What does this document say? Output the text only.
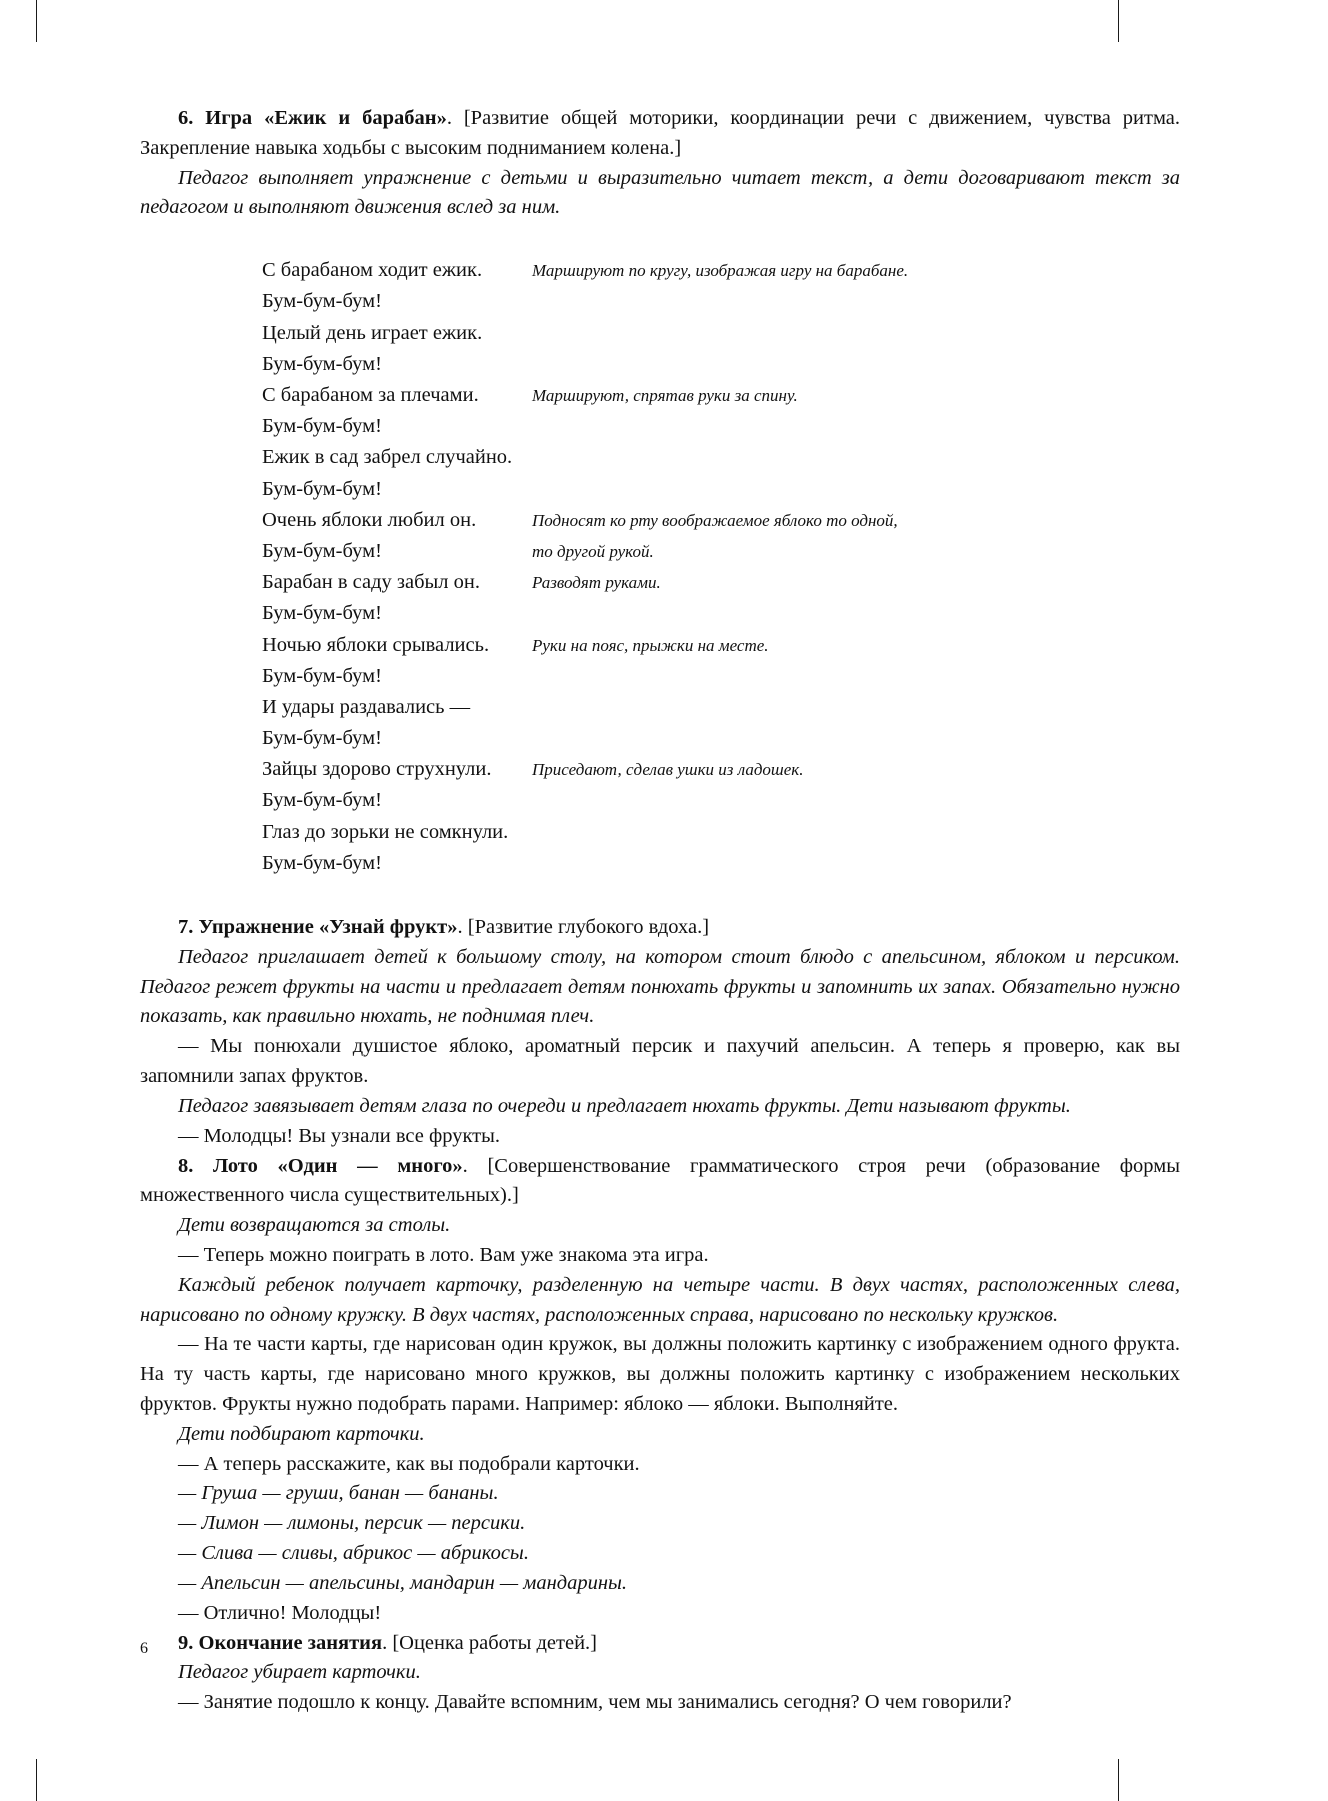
6. Игра «Ежик и барабан». [Развитие общей моторики, координации речи с движением, чувства ритма. Закрепление навыка ходьбы с высоким подниманием колена.]

Педагог выполняет упражнение с детьми и выразительно читает текст, а дети договаривают текст за педагогом и выполняют движения вслед за ним.

С барабаном ходит ежик.	Маршируют по кругу, изображая игру на барабане.
Бум-бум-бум!
Целый день играет ежик.
Бум-бум-бум!
С барабаном за плечами.	Маршируют, спрятав руки за спину.
Бум-бум-бум!
Ежик в сад забрел случайно.
Бум-бум-бум!
Очень яблоки любил он.	Подносят ко рту воображаемое яблоко то одной,
Бум-бум-бум!	то другой рукой.
Барабан в саду забыл он.	Разводят руками.
Бум-бум-бум!
Ночью яблоки срывались.	Руки на пояс, прыжки на месте.
Бум-бум-бум!
И удары раздавались —
Бум-бум-бум!
Зайцы здорово струхнули.	Приседают, сделав ушки из ладошек.
Бум-бум-бум!
Глаз до зорьки не сомкнули.
Бум-бум-бум!

7. Упражнение «Узнай фрукт». [Развитие глубокого вдоха.]

Педагог приглашает детей к большому столу, на котором стоит блюдо с апельсином, яблоком и персиком. Педагог режет фрукты на части и предлагает детям понюхать фрукты и запомнить их запах. Обязательно нужно показать, как правильно нюхать, не поднимая плеч.

— Мы понюхали душистое яблоко, ароматный персик и пахучий апельсин. А теперь я проверю, как вы запомнили запах фруктов.

Педагог завязывает детям глаза по очереди и предлагает нюхать фрукты. Дети называют фрукты.

— Молодцы! Вы узнали все фрукты.

8. Лото «Один — много». [Совершенствование грамматического строя речи (образование формы множественного числа существительных).]

Дети возвращаются за столы.

— Теперь можно поиграть в лото. Вам уже знакома эта игра.

Каждый ребенок получает карточку, разделенную на четыре части. В двух частях, расположенных слева, нарисовано по одному кружку. В двух частях, расположенных справа, нарисовано по нескольку кружков.

— На те части карты, где нарисован один кружок, вы должны положить картинку с изображением одного фрукта. На ту часть карты, где нарисовано много кружков, вы должны положить картинку с изображением нескольких фруктов. Фрукты нужно подобрать парами. Например: яблоко — яблоки. Выполняйте.

Дети подбирают карточки.

— А теперь расскажите, как вы подобрали карточки.

— Груша — груши, банан — бананы.

— Лимон — лимоны, персик — персики.

— Слива — сливы, абрикос — абрикосы.

— Апельсин — апельсины, мандарин — мандарины.

— Отлично! Молодцы!

9. Окончание занятия. [Оценка работы детей.]

Педагог убирает карточки.

— Занятие подошло к концу. Давайте вспомним, чем мы занимались сегодня? О чем говорили?

6
